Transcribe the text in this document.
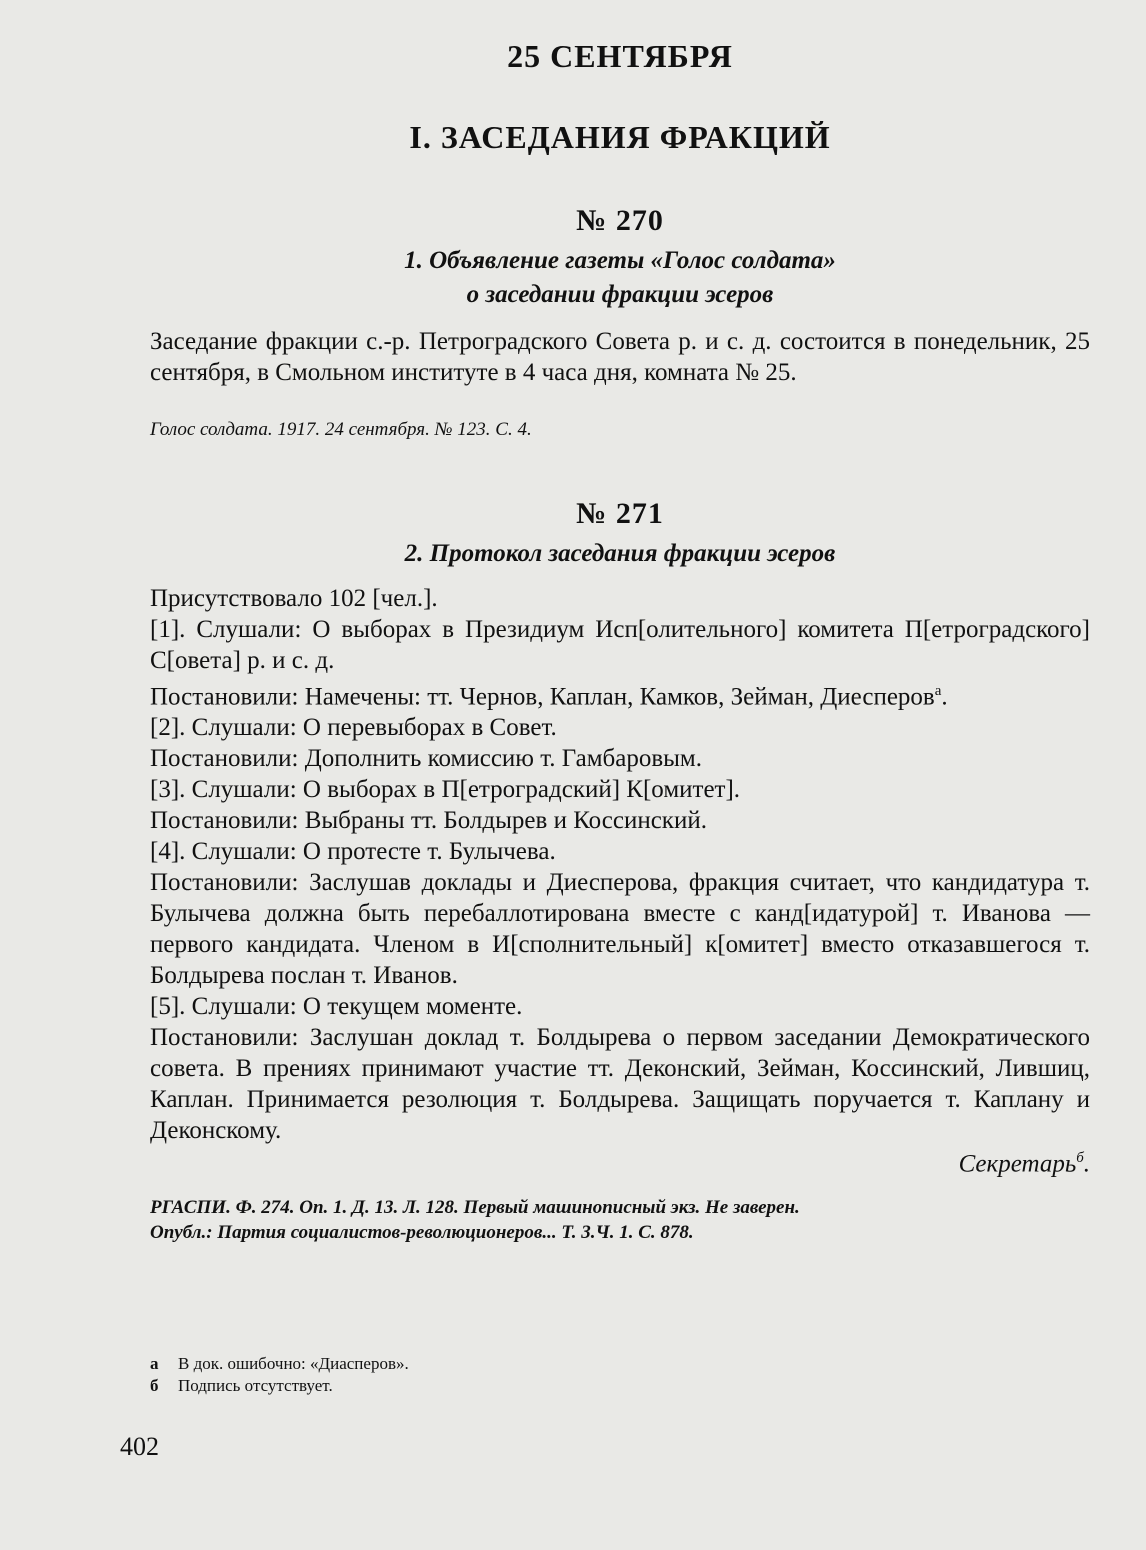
25 СЕНТЯБРЯ
I. ЗАСЕДАНИЯ ФРАКЦИЙ
№ 270

1. Объявление газеты «Голос солдата»
о заседании фракции эсеров

Заседание фракции с.-р. Петроградского Совета р. и с. д. состоится в понедельник, 25 сентября, в Смольном институте в 4 часа дня, комната № 25.

Голос солдата. 1917. 24 сентября. № 123. С. 4.

№ 271

2. Протокол заседания фракции эсеров

Присутствовало 102 [чел.].

[1]. Слушали: О выборах в Президиум Исп[олительного] комитета П[етроградского] С[овета] р. и с. д.

Постановили: Намечены: тт. Чернов, Каплан, Камков, Зейман, Диесперов$^а$.

[2]. Слушали: О перевыборах в Совет.

Постановили: Дополнить комиссию т. Гамбаровым.

[3]. Слушали: О выборах в П[етроградский] К[омитет].

Постановили: Выбраны тт. Болдырев и Коссинский.

[4]. Слушали: О протесте т. Булычева.

Постановили: Заслушав доклады и Диесперова, фракция считает, что кандидатура т. Булычева должна быть перебаллотирована вместе с канд[идатурой] т. Иванова — первого кандидата. Членом в И[сполнительный] к[омитет] вместо отказавшегося т. Болдырева послан т. Иванов.

[5]. Слушали: О текущем моменте.

Постановили: Заслушан доклад т. Болдырева о первом заседании Демократического совета. В прениях принимают участие тт. Деконский, Зейман, Коссинский, Лившиц, Каплан. Принимается резолюция т. Болдырева. Защищать поручается т. Каплану и Деконскому.

Секретарь$^б$.
РГАСПИ. Ф. 274. Оп. 1. Д. 13. Л. 128. Первый машинописный экз. Не заверен.
Опубл.: Партия социалистов-революционеров... Т. 3.Ч. 1. С. 878.
а В док. ошибочно: «Диасперов».
б Подпись отсутствует.
402
